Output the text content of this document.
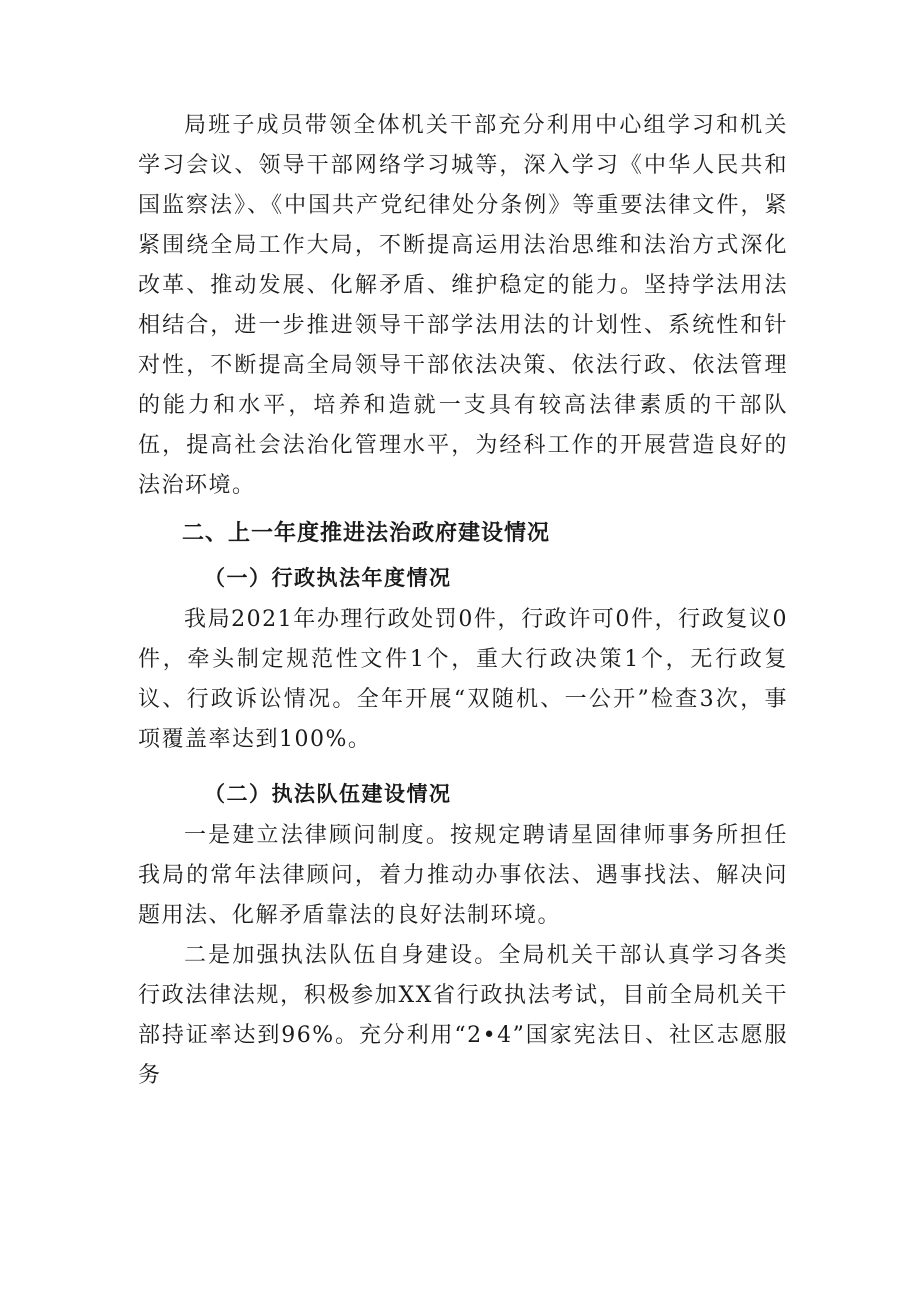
局班子成员带领全体机关干部充分利用中心组学习和机关学习会议、领导干部网络学习城等，深入学习《中华人民共和国监察法》、《中国共产党纪律处分条例》等重要法律文件，紧紧围绕全局工作大局，不断提高运用法治思维和法治方式深化改革、推动发展、化解矛盾、维护稳定的能力。坚持学法用法相结合，进一步推进领导干部学法用法的计划性、系统性和针对性，不断提高全局领导干部依法决策、依法行政、依法管理的能力和水平，培养和造就一支具有较高法律素质的干部队伍，提高社会法治化管理水平，为经科工作的开展营造良好的法治环境。

二、上一年度推进法治政府建设情况
（一）行政执法年度情况

我局2021年办理行政处罚0件，行政许可0件，行政复议0件，牵头制定规范性文件1个，重大行政决策1个，无行政复议、行政诉讼情况。全年开展“双随机、一公开”检查3次，事项覆盖率达到100%。

（二）执法队伍建设情况

一是建立法律顾问制度。按规定聘请星固律师事务所担任我局的常年法律顾问，着力推动办事依法、遇事找法、解决问题用法、化解矛盾靠法的良好法制环境。

二是加强执法队伍自身建设。全局机关干部认真学习各类行政法律法规，积极参加XX省行政执法考试，目前全局机关干部持证率达到96%。充分利用“2•4”国家宪法日、社区志愿服务
